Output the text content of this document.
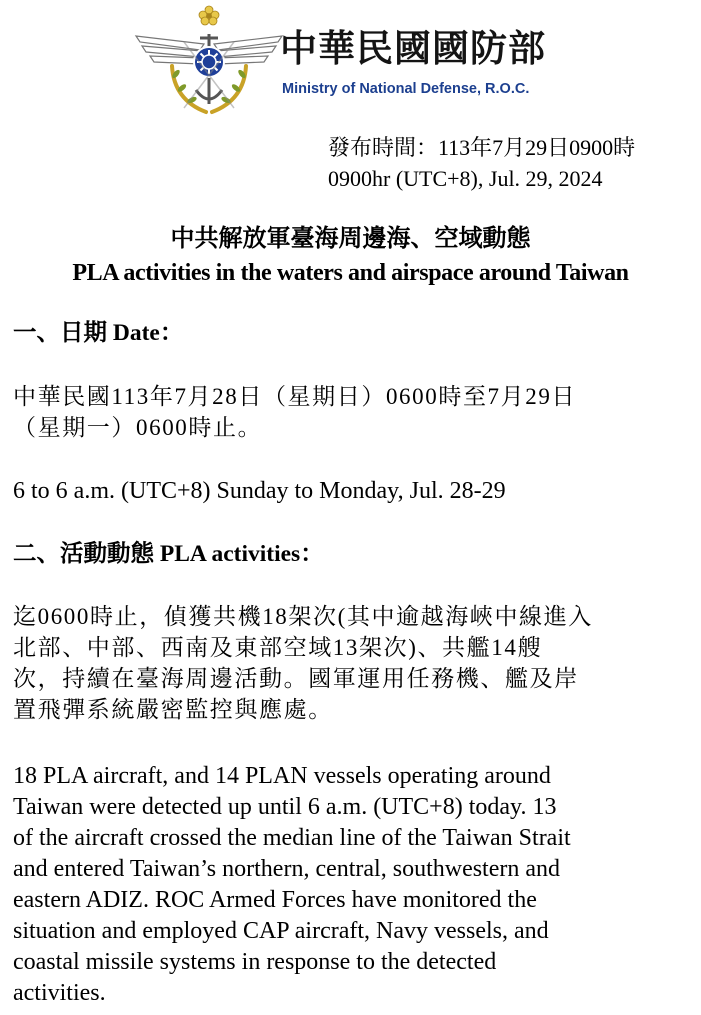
中華民國國防部
Ministry of National Defense, R.O.C.
發布時間：113年7月29日0900時
0900hr (UTC+8), Jul. 29, 2024
中共解放軍臺海周邊海、空域動態
PLA activities in the waters and airspace around Taiwan
一、日期 Date：
中華民國113年7月28日（星期日）0600時至7月29日
（星期一）0600時止。
6 to 6 a.m. (UTC+8) Sunday to Monday, Jul. 28-29
二、活動動態 PLA activities：
迄0600時止，偵獲共機18架次(其中逾越海峽中線進入
北部、中部、西南及東部空域13架次)、共艦14艘
次，持續在臺海周邊活動。國軍運用任務機、艦及岸
置飛彈系統嚴密監控與應處。
18 PLA aircraft, and 14 PLAN vessels operating around
Taiwan were detected up until 6 a.m. (UTC+8) today. 13
of the aircraft crossed the median line of the Taiwan Strait
and entered Taiwan’s northern, central, southwestern and
eastern ADIZ. ROC Armed Forces have monitored the
situation and employed CAP aircraft, Navy vessels, and
coastal missile systems in response to the detected
activities.
